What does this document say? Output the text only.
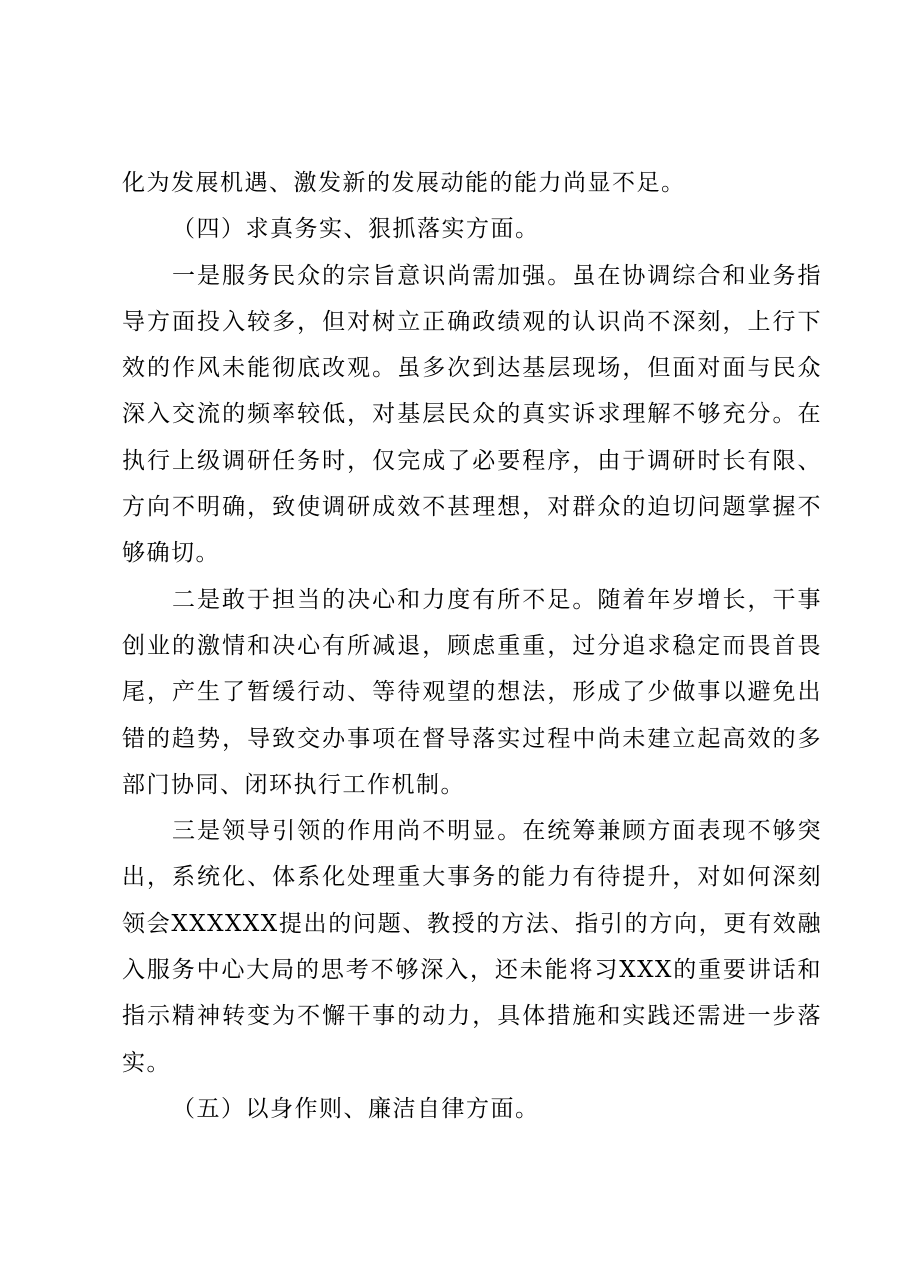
化为发展机遇、激发新的发展动能的能力尚显不足。

（四）求真务实、狠抓落实方面。

一是服务民众的宗旨意识尚需加强。虽在协调综合和业务指导方面投入较多，但对树立正确政绩观的认识尚不深刻，上行下效的作风未能彻底改观。虽多次到达基层现场，但面对面与民众深入交流的频率较低，对基层民众的真实诉求理解不够充分。在执行上级调研任务时，仅完成了必要程序，由于调研时长有限、方向不明确，致使调研成效不甚理想，对群众的迫切问题掌握不够确切。

二是敢于担当的决心和力度有所不足。随着年岁增长，干事创业的激情和决心有所减退，顾虑重重，过分追求稳定而畏首畏尾，产生了暂缓行动、等待观望的想法，形成了少做事以避免出错的趋势，导致交办事项在督导落实过程中尚未建立起高效的多部门协同、闭环执行工作机制。

三是领导引领的作用尚不明显。在统筹兼顾方面表现不够突出，系统化、体系化处理重大事务的能力有待提升，对如何深刻领会XXXXXX提出的问题、教授的方法、指引的方向，更有效融入服务中心大局的思考不够深入，还未能将习XXX的重要讲话和指示精神转变为不懈干事的动力，具体措施和实践还需进一步落实。

（五）以身作则、廉洁自律方面。
